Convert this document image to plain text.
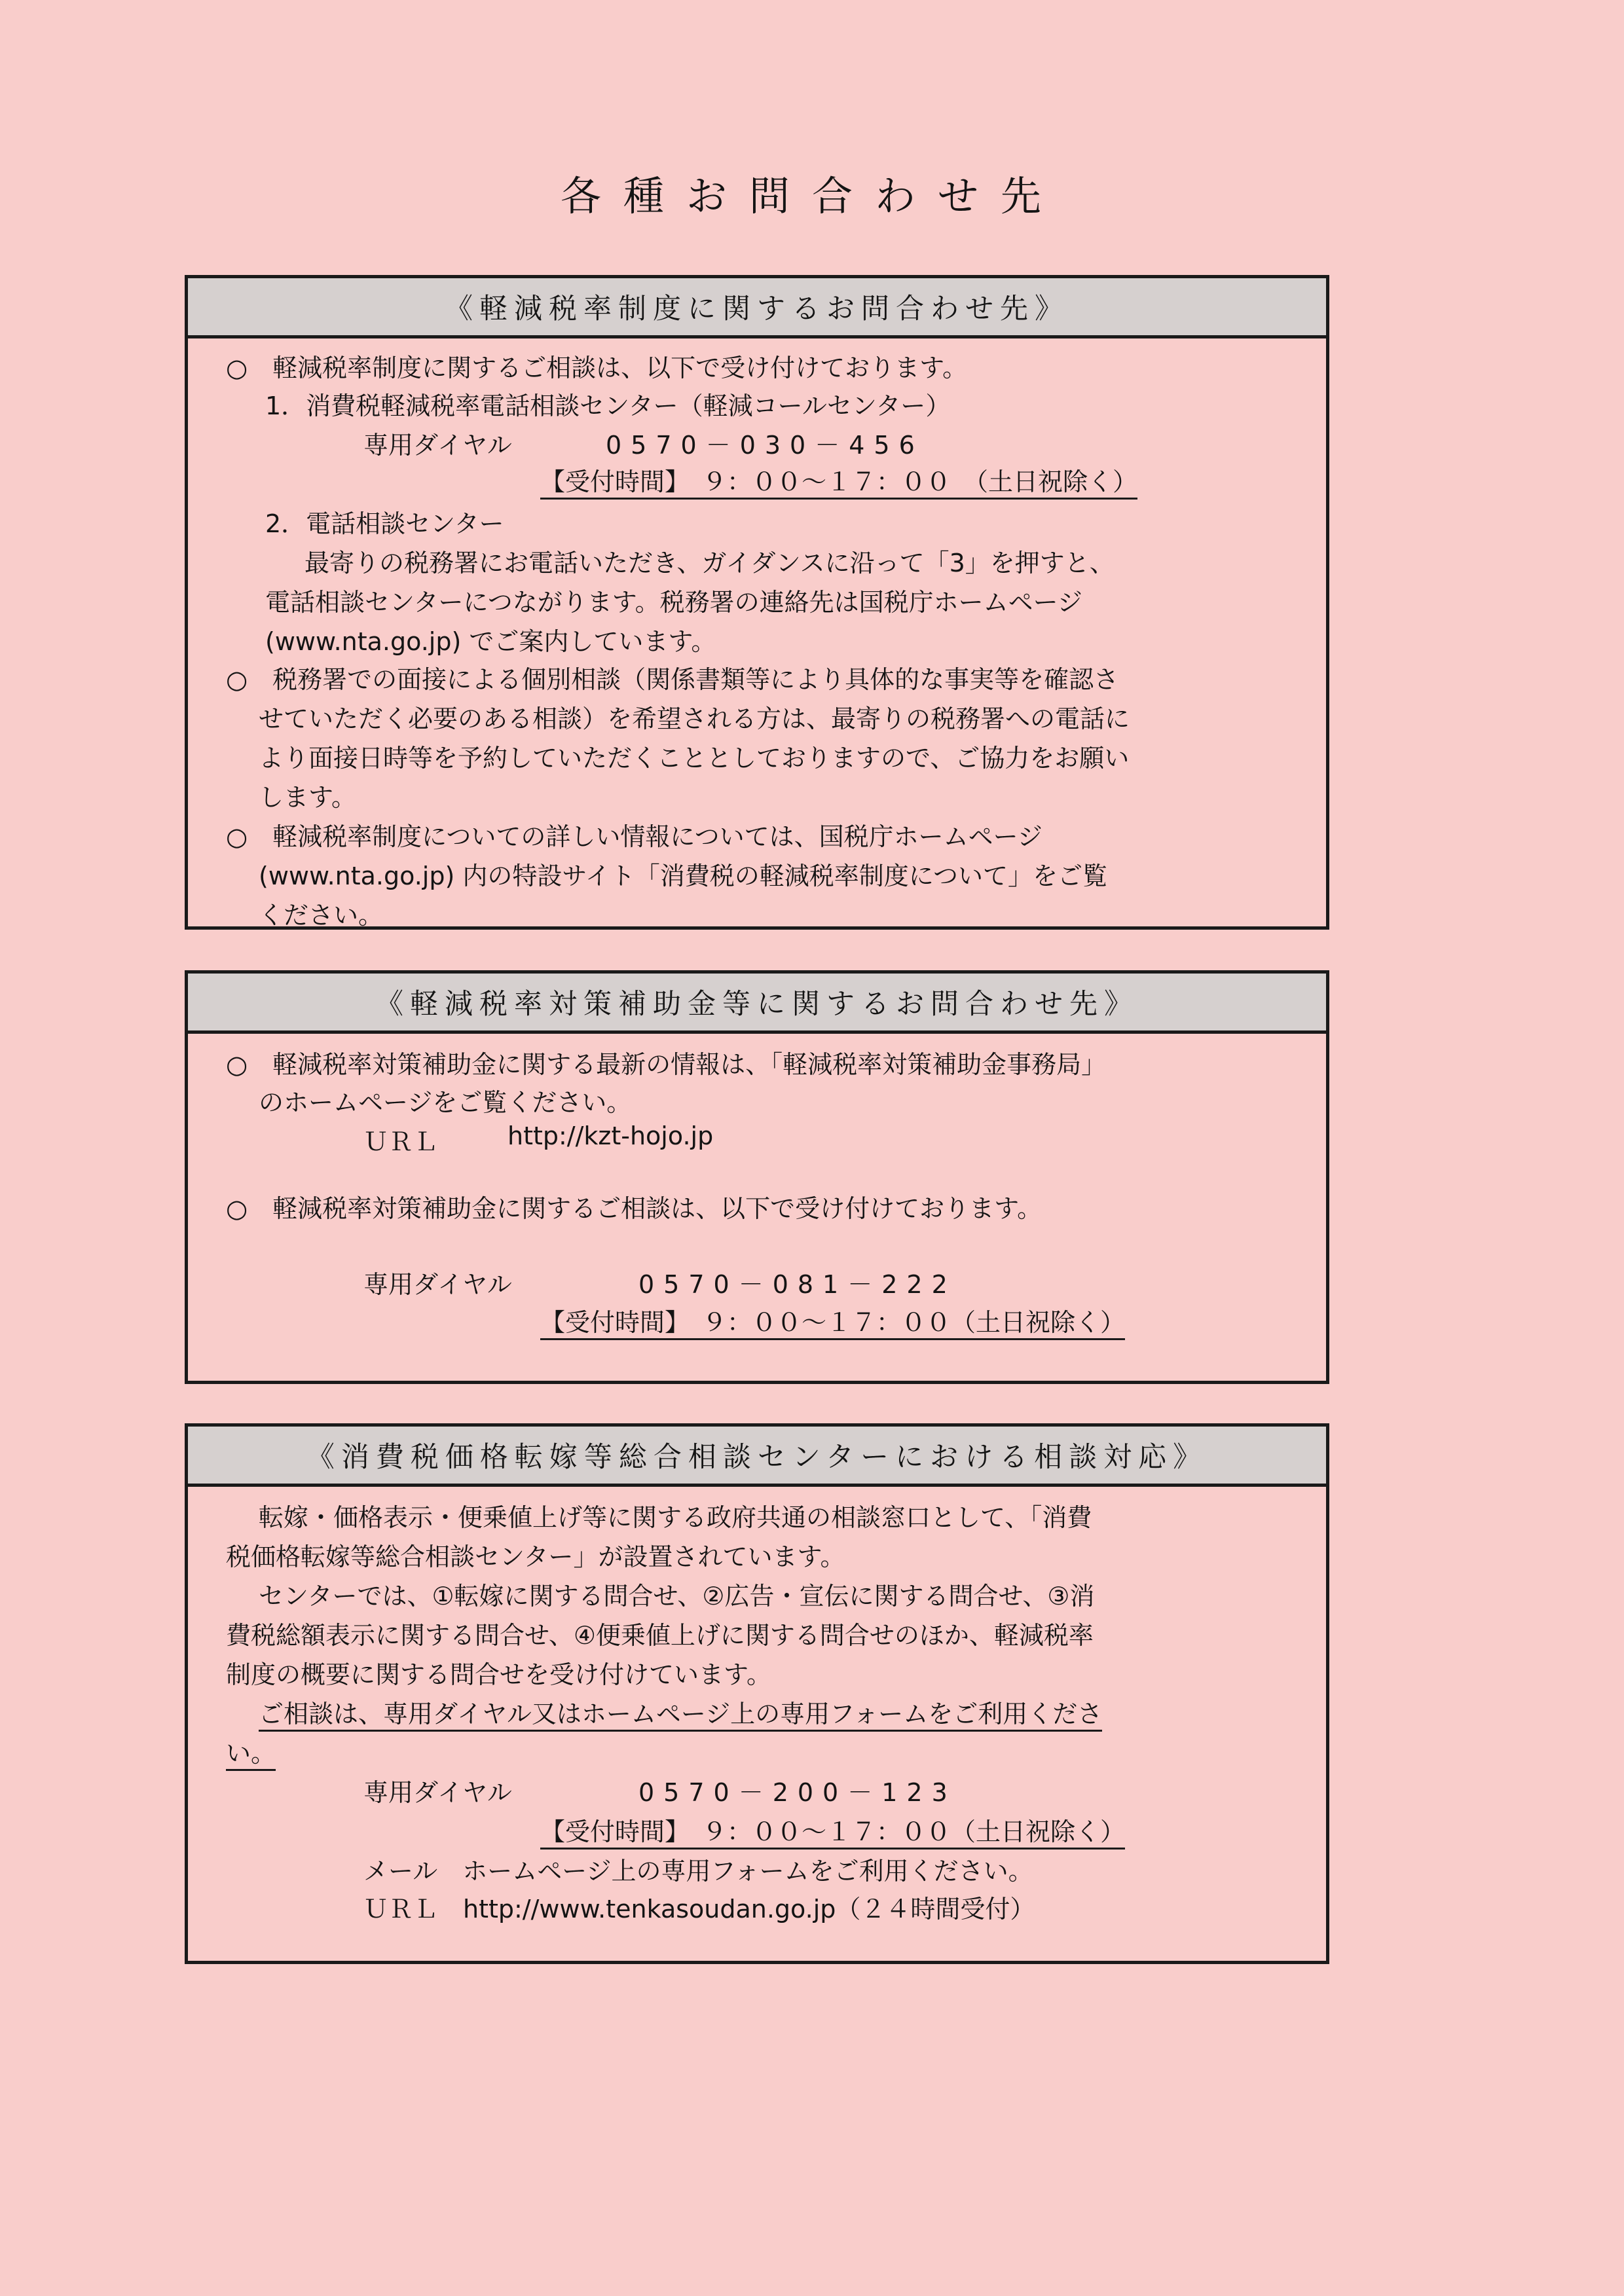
各種お問合わせ先
《軽減税率制度に関するお問合わせ先》
○　軽減税率制度に関するご相談は、以下で受け付けております。
1．消費税軽減税率電話相談センター（軽減コールセンター）
専用ダイヤル	0570－030－456
【受付時間】　９：００～１７：００　（土日祝除く）
2．電話相談センター
最寄りの税務署にお電話いただき、ガイダンスに沿って「3」を押すと、
電話相談センターにつながります。税務署の連絡先は国税庁ホームページ
(www.nta.go.jp) でご案内しています。
○　税務署での面接による個別相談（関係書類等により具体的な事実等を確認さ
せていただく必要のある相談）を希望される方は、最寄りの税務署への電話に
より面接日時等を予約していただくこととしておりますので、ご協力をお願い
します。
○　軽減税率制度についての詳しい情報については、国税庁ホームページ
(www.nta.go.jp) 内の特設サイト「消費税の軽減税率制度について」をご覧
ください。
《軽減税率対策補助金等に関するお問合わせ先》
○　軽減税率対策補助金に関する最新の情報は、「軽減税率対策補助金事務局」
のホームページをご覧ください。
ＵＲＬ	http://kzt-hojo.jp
○　軽減税率対策補助金に関するご相談は、以下で受け付けております。
専用ダイヤル	0570－081－222
【受付時間】　９：００～１７：００（土日祝除く）
《消費税価格転嫁等総合相談センターにおける相談対応》
転嫁・価格表示・便乗値上げ等に関する政府共通の相談窓口として、「消費
税価格転嫁等総合相談センター」が設置されています。
センターでは、①転嫁に関する問合せ、②広告・宣伝に関する問合せ、③消
費税総額表示に関する問合せ、④便乗値上げに関する問合せのほか、軽減税率
制度の概要に関する問合せを受け付けています。
ご相談は、専用ダイヤル又はホームページ上の専用フォームをご利用くださ
い。
専用ダイヤル	0570－200－123
【受付時間】　９：００～１７：００（土日祝除く）
メール　ホームページ上の専用フォームをご利用ください。
ＵＲＬ　http://www.tenkasoudan.go.jp（２４時間受付）
